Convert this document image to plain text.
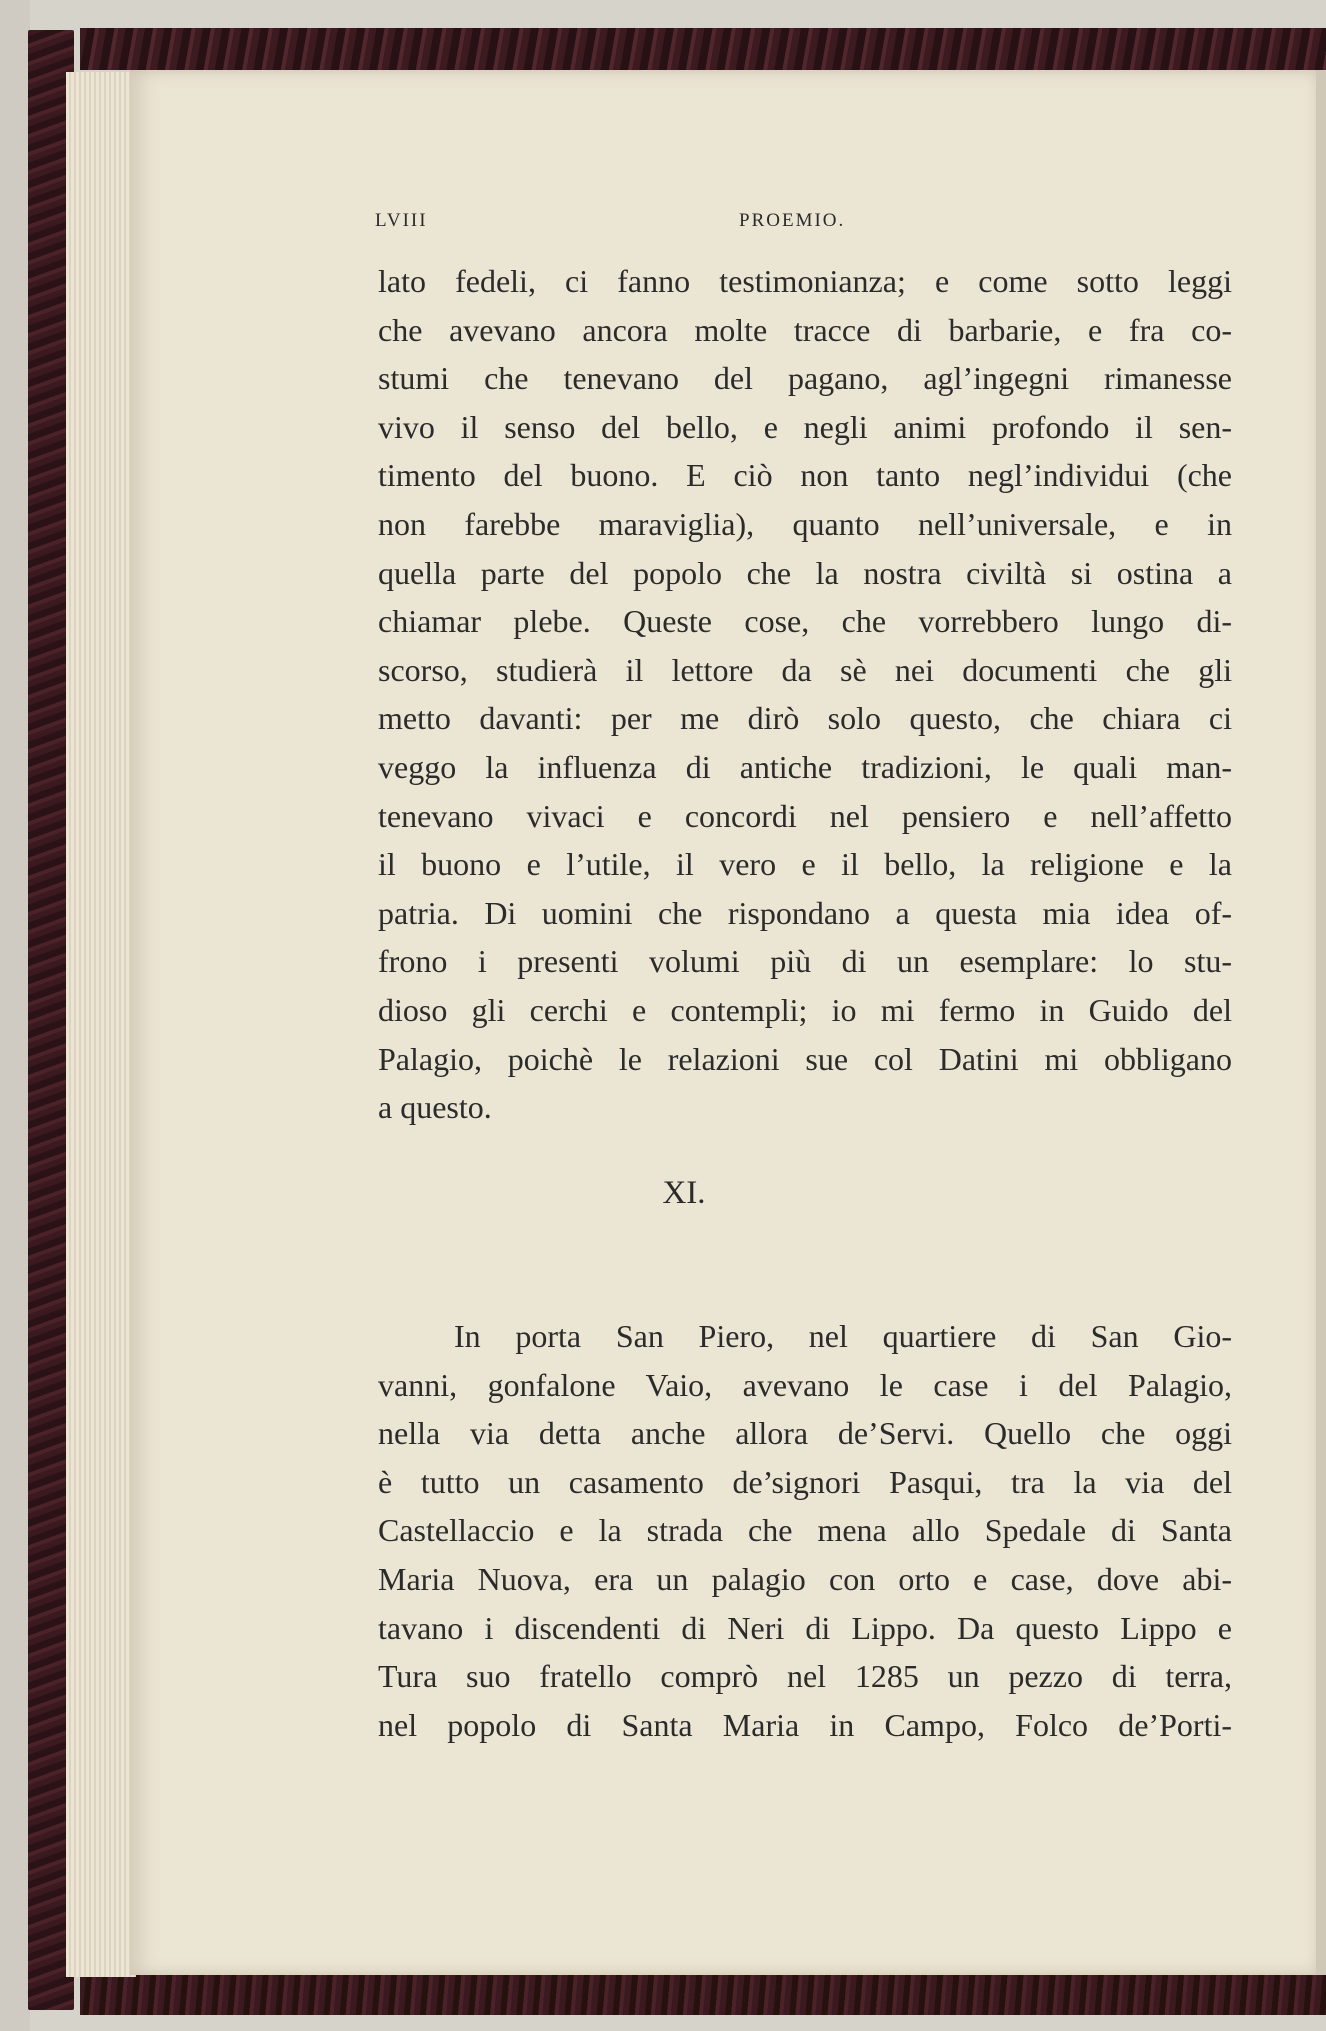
LVIII	PROEMIO.
lato fedeli, ci fanno testimonianza; e come sotto leggi
che avevano ancora molte tracce di barbarie, e fra co-
stumi che tenevano del pagano, agl’ingegni rimanesse
vivo il senso del bello, e negli animi profondo il sen-
timento del buono. E ciò non tanto negl’individui (che
non farebbe maraviglia), quanto nell’universale, e in
quella parte del popolo che la nostra civiltà si ostina a
chiamar plebe. Queste cose, che vorrebbero lungo di-
scorso, studierà il lettore da sè nei documenti che gli
metto davanti: per me dirò solo questo, che chiara ci
veggo la influenza di antiche tradizioni, le quali man-
tenevano vivaci e concordi nel pensiero e nell’affetto
il buono e l’utile, il vero e il bello, la religione e la
patria. Di uomini che rispondano a questa mia idea of-
frono i presenti volumi più di un esemplare: lo stu-
dioso gli cerchi e contempli; io mi fermo in Guido del
Palagio, poichè le relazioni sue col Datini mi obbligano
a questo.
XI.
In porta San Piero, nel quartiere di San Gio-
vanni, gonfalone Vaio, avevano le case i del Palagio,
nella via detta anche allora de’Servi. Quello che oggi
è tutto un casamento de’signori Pasqui, tra la via del
Castellaccio e la strada che mena allo Spedale di Santa
Maria Nuova, era un palagio con orto e case, dove abi-
tavano i discendenti di Neri di Lippo. Da questo Lippo e
Tura suo fratello comprò nel 1285 un pezzo di terra,
nel popolo di Santa Maria in Campo, Folco de’Porti-
